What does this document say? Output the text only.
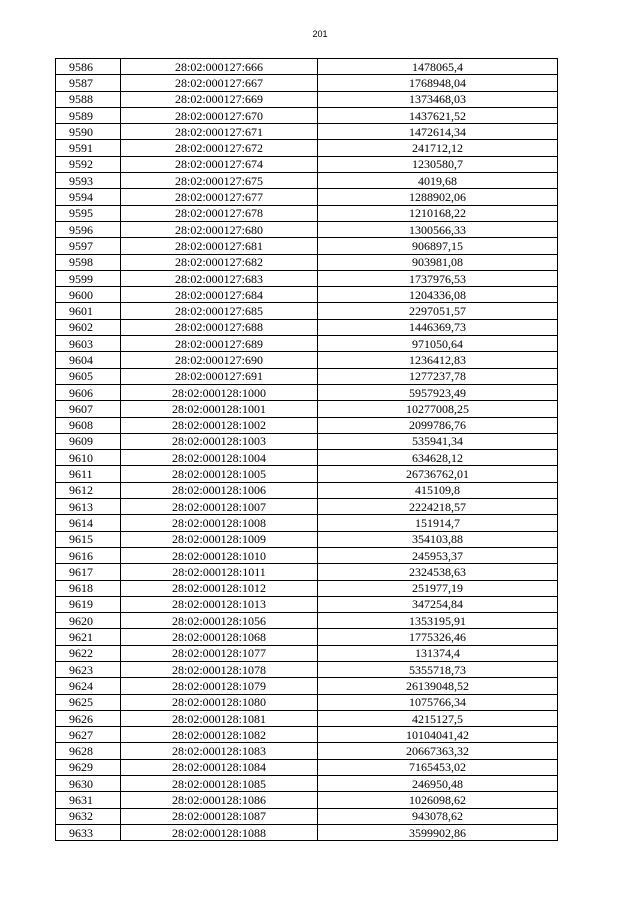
201
9586	28:02:000127:666	1478065,4
9587	28:02:000127:667	1768948,04
9588	28:02:000127:669	1373468,03
9589	28:02:000127:670	1437621,52
9590	28:02:000127:671	1472614,34
9591	28:02:000127:672	241712,12
9592	28:02:000127:674	1230580,7
9593	28:02:000127:675	4019,68
9594	28:02:000127:677	1288902,06
9595	28:02:000127:678	1210168,22
9596	28:02:000127:680	1300566,33
9597	28:02:000127:681	906897,15
9598	28:02:000127:682	903981,08
9599	28:02:000127:683	1737976,53
9600	28:02:000127:684	1204336,08
9601	28:02:000127:685	2297051,57
9602	28:02:000127:688	1446369,73
9603	28:02:000127:689	971050,64
9604	28:02:000127:690	1236412,83
9605	28:02:000127:691	1277237,78
9606	28:02:000128:1000	5957923,49
9607	28:02:000128:1001	10277008,25
9608	28:02:000128:1002	2099786,76
9609	28:02:000128:1003	535941,34
9610	28:02:000128:1004	634628,12
9611	28:02:000128:1005	26736762,01
9612	28:02:000128:1006	415109,8
9613	28:02:000128:1007	2224218,57
9614	28:02:000128:1008	151914,7
9615	28:02:000128:1009	354103,88
9616	28:02:000128:1010	245953,37
9617	28:02:000128:1011	2324538,63
9618	28:02:000128:1012	251977,19
9619	28:02:000128:1013	347254,84
9620	28:02:000128:1056	1353195,91
9621	28:02:000128:1068	1775326,46
9622	28:02:000128:1077	131374,4
9623	28:02:000128:1078	5355718,73
9624	28:02:000128:1079	26139048,52
9625	28:02:000128:1080	1075766,34
9626	28:02:000128:1081	4215127,5
9627	28:02:000128:1082	10104041,42
9628	28:02:000128:1083	20667363,32
9629	28:02:000128:1084	7165453,02
9630	28:02:000128:1085	246950,48
9631	28:02:000128:1086	1026098,62
9632	28:02:000128:1087	943078,62
9633	28:02:000128:1088	3599902,86
